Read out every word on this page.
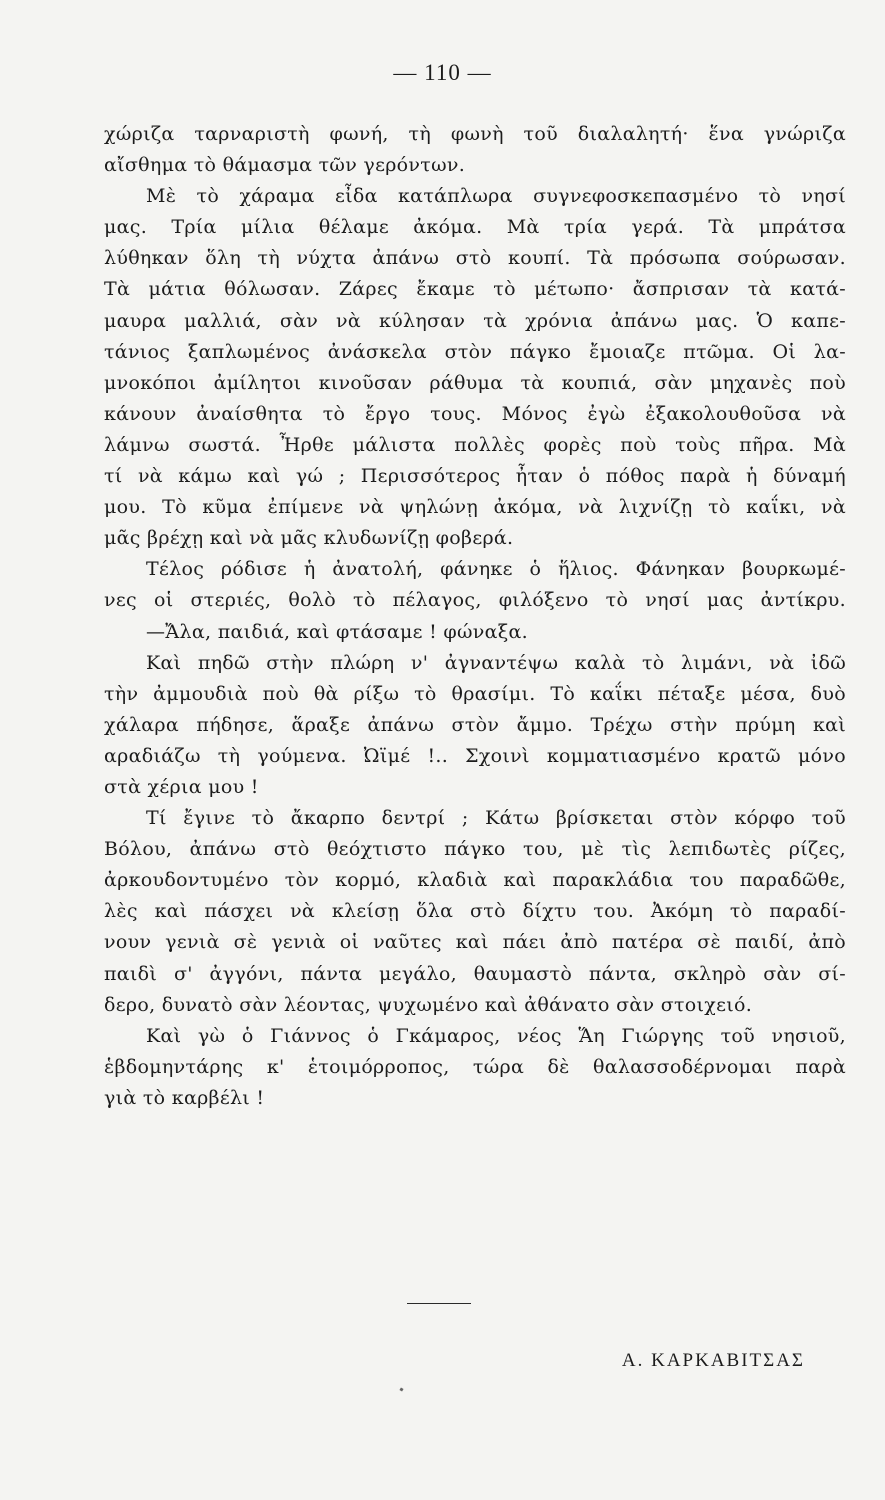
— 110 —
χώριζα ταρναριστὴ φωνή, τὴ φωνὴ τοῦ διαλαλητή· ἕνα γνώριζα
αἴσθημα τὸ θάμασμα τῶν γερόντων.
Μὲ τὸ χάραμα εἶδα κατάπλωρα συγνεφοσκεπασμένο τὸ νησί
μας. Τρία μίλια θέλαμε ἀκόμα. Μὰ τρία γερά. Τὰ μπράτσα
λύθηκαν ὅλη τὴ νύχτα ἀπάνω στὸ κουπί. Τὰ πρόσωπα σούρωσαν.
Τὰ μάτια θόλωσαν. Ζάρες ἔκαμε τὸ μέτωπο· ἄσπρισαν τὰ κατά-
μαυρα μαλλιά, σὰν νὰ κύλησαν τὰ χρόνια ἀπάνω μας. Ὁ καπε-
τάνιος ξαπλωμένος ἀνάσκελα στὸν πάγκο ἔμοιαζε πτῶμα. Οἱ λα-
μνοκόποι ἀμίλητοι κινοῦσαν ράθυμα τὰ κουπιά, σὰν μηχανὲς ποὺ
κάνουν ἀναίσθητα τὸ ἔργο τους. Μόνος ἐγὼ ἐξακολουθοῦσα νὰ
λάμνω σωστά. Ἦρθε μάλιστα πολλὲς φορὲς ποὺ τοὺς πῆρα. Μὰ
τί νὰ κάμω καὶ γώ ; Περισσότερος ἦταν ὁ πόθος παρὰ ἡ δύναμή
μου. Τὸ κῦμα ἐπίμενε νὰ ψηλώνῃ ἀκόμα, νὰ λιχνίζῃ τὸ καΐκι, νὰ
μᾶς βρέχῃ καὶ νὰ μᾶς κλυδωνίζῃ φοβερά.
Τέλος ρόδισε ἡ ἀνατολή, φάνηκε ὁ ἥλιος. Φάνηκαν βουρκωμέ-
νες οἱ στεριές, θολὸ τὸ πέλαγος, φιλόξενο τὸ νησί μας ἀντίκρυ.
—Ἄλα, παιδιά, καὶ φτάσαμε ! φώναξα.
Καὶ πηδῶ στὴν πλώρη ν' ἀγναντέψω καλὰ τὸ λιμάνι, νὰ ἰδῶ
τὴν ἀμμουδιὰ ποὺ θὰ ρίξω τὸ θρασίμι. Τὸ καΐκι πέταξε μέσα, δυὸ
χάλαρα πήδησε, ἅραξε ἀπάνω στὸν ἄμμο. Τρέχω στὴν πρύμη καὶ
αραδιάζω τὴ γούμενα. Ὠϊμέ !.. Σχοινὶ κομματιασμένο κρατῶ μόνο
στὰ χέρια μου !
Τί ἔγινε τὸ ἄκαρπο δεντρί ; Κάτω βρίσκεται στὸν κόρφο τοῦ
Βόλου, ἀπάνω στὸ θεόχτιστο πάγκο του, μὲ τὶς λεπιδωτὲς ρίζες,
ἀρκουδοντυμένο τὸν κορμό, κλαδιὰ καὶ παρακλάδια του παραδῶθε,
λὲς καὶ πάσχει νὰ κλείσῃ ὅλα στὸ δίχτυ του. Ἀκόμη τὸ παραδί-
νουν γενιὰ σὲ γενιὰ οἱ ναῦτες καὶ πάει ἀπὸ πατέρα σὲ παιδί, ἀπὸ
παιδὶ σ' ἀγγόνι, πάντα μεγάλο, θαυμαστὸ πάντα, σκληρὸ σὰν σί-
δερο, δυνατὸ σὰν λέοντας, ψυχωμένο καὶ ἀθάνατο σὰν στοιχειό.
Καὶ γὼ ὁ Γιάννος ὁ Γκάμαρος, νέος Ἅη Γιώργης τοῦ νησιοῦ,
ἑβδομηντάρης κ' ἑτοιμόρροπος, τώρα δὲ θαλασσοδέρνομαι παρὰ
γιὰ τὸ καρβέλι !
Α. ΚΑΡΚΑΒΙΤΣΑΣ
